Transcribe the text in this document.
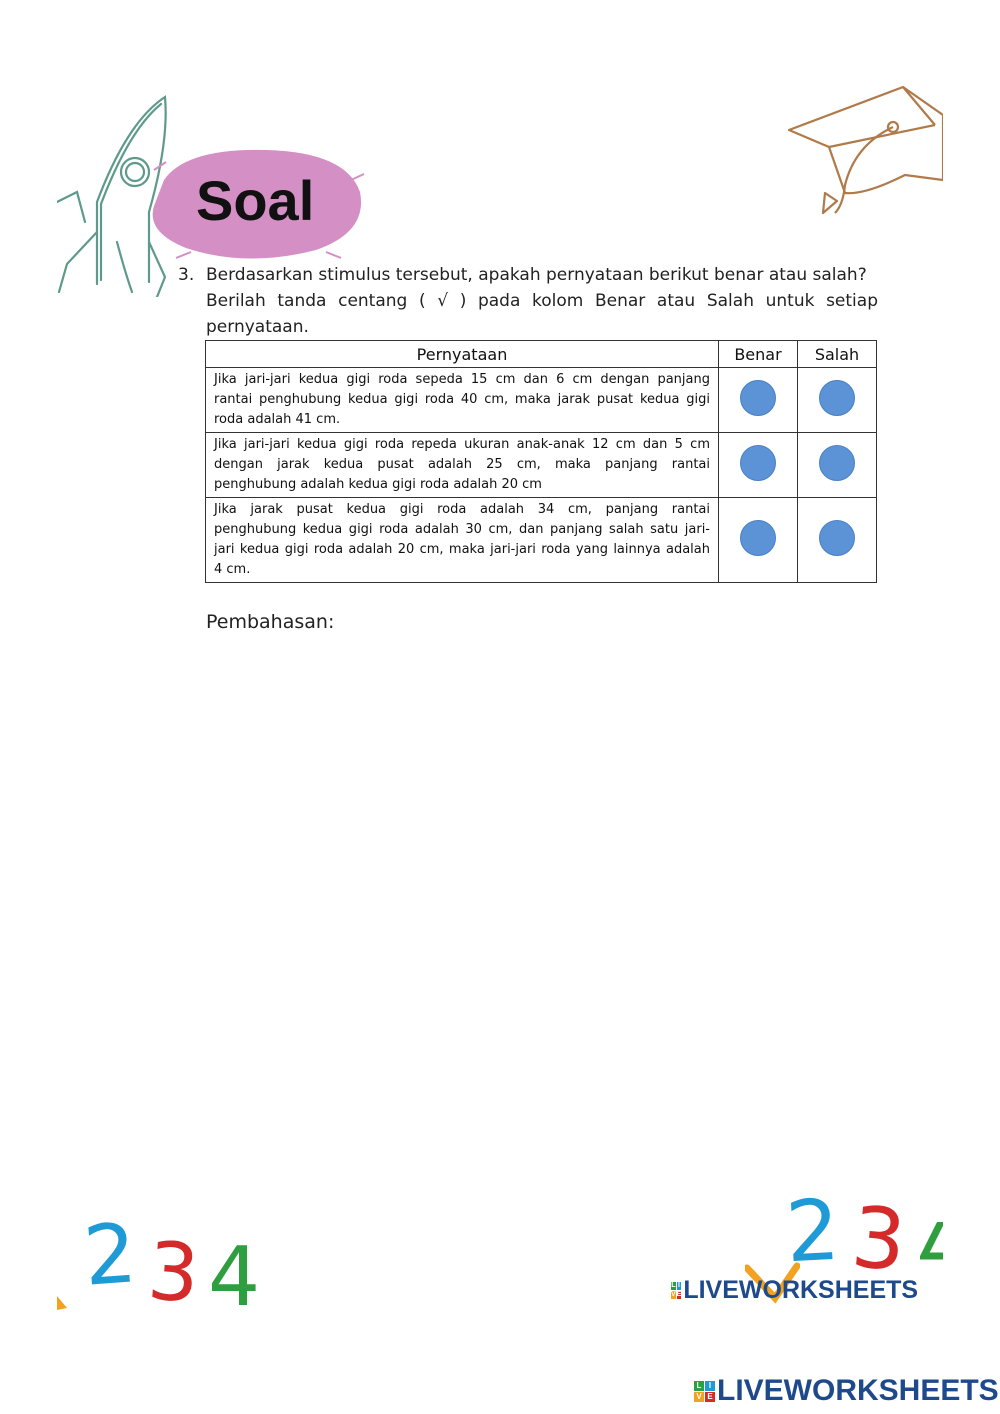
Soal
3. Berdasarkan stimulus tersebut, apakah pernyataan berikut benar atau salah?
Berilah tanda centang ( √ ) pada kolom Benar atau Salah untuk setiap
pernyataan.
Pernyataan	Benar	Salah

Jika jari-jari kedua gigi roda sepeda 15 cm dan 6 cm dengan panjang
rantai penghubung kedua gigi roda 40 cm, maka jarak pusat kedua gigi
roda adalah 41 cm.		

Jika jari-jari kedua gigi roda repeda ukuran anak-anak 12 cm dan 5 cm
dengan jarak kedua pusat adalah 25 cm, maka panjang rantai
penghubung adalah kedua gigi roda adalah 20 cm		

Jika jarak pusat kedua gigi roda adalah 34 cm, panjang rantai
penghubung kedua gigi roda adalah 30 cm, dan panjang salah satu jari-
jari kedua gigi roda adalah 20 cm, maka jari-jari roda yang lainnya adalah
4 cm.		

Pembahasan:
2 3 4	2 3
L I
V E LIVEWORKSHEETS
L I
V E LIVEWORKSHEETS
